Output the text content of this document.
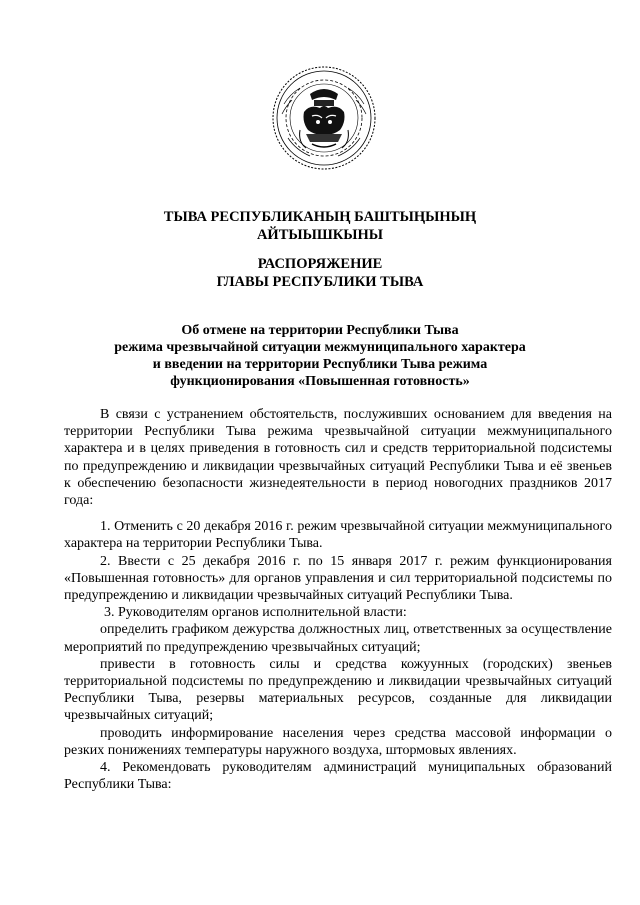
ТЫВА РЕСПУБЛИКАНЫҢ БАШТЫҢЫНЫҢ
АЙТЫЫШКЫНЫ
РАСПОРЯЖЕНИЕ
ГЛАВЫ РЕСПУБЛИКИ ТЫВА
Об отмене на территории Республики Тыва
режима чрезвычайной ситуации межмуниципального характера
и введении на территории Республики Тыва режима
функционирования «Повышенная готовность»

В связи с устранением обстоятельств, послуживших основанием для введения на территории Республики Тыва режима чрезвычайной ситуации межмуниципального характера и в целях приведения в готовность сил и средств территориальной подсистемы по предупреждению и ликвидации чрезвычайных ситуаций Республики Тыва и её звеньев к обеспечению безопасности жизнедеятельности в период новогодних праздников 2017 года:

1. Отменить с 20 декабря 2016 г. режим чрезвычайной ситуации межмуниципального характера на территории Республики Тыва.

2. Ввести с 25 декабря 2016 г. по 15 января 2017 г. режим функционирования «Повышенная готовность» для органов управления и сил территориальной подсистемы по предупреждению и ликвидации чрезвычайных ситуаций Республики Тыва.

3. Руководителям органов исполнительной власти:

определить графиком дежурства должностных лиц, ответственных за осуществление мероприятий по предупреждению чрезвычайных ситуаций;

привести в готовность силы и средства кожуунных (городских) звеньев территориальной подсистемы по предупреждению и ликвидации чрезвычайных ситуаций Республики Тыва, резервы материальных ресурсов, созданные для ликвидации чрезвычайных ситуаций;

проводить информирование населения через средства массовой информации о резких понижениях температуры наружного воздуха, штормовых явлениях.

4. Рекомендовать руководителям администраций муниципальных образований Республики Тыва:
